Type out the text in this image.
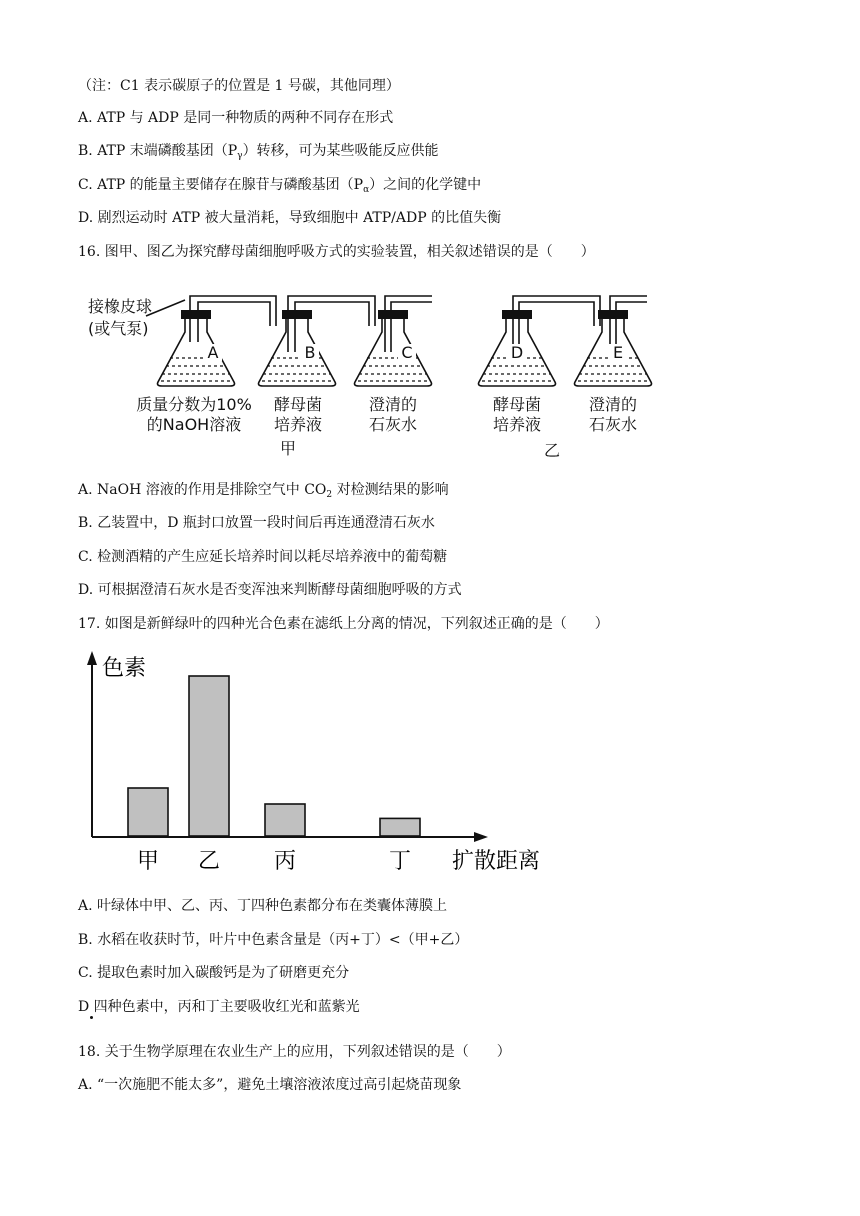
（注：C1 表示碳原子的位置是 1 号碳，其他同理）
A. ATP 与 ADP 是同一种物质的两种不同存在形式
B. ATP 末端磷酸基团$(P_\gamma)$转移，可为某些吸能反应供能
C. ATP 的能量主要储存在腺苷与磷酸基团$(P_\alpha)$之间的化学键中
D. 剧烈运动时 ATP 被大量消耗，导致细胞中 ATP/ADP 的比值失衡
16. 图甲、图乙为探究酵母菌细胞呼吸方式的实验装置，相关叙述错误的是（　　）
A	B	C	D	E
接橡皮球
(或气泵)
质量分数为10%
的NaOH溶液
酵母菌
培养液
澄清的
石灰水
酵母菌
培养液
澄清的
石灰水
甲	乙
A. NaOH 溶液的作用是排除空气中 $CO_2$ 对检测结果的影响
B. 乙装置中，D 瓶封口放置一段时间后再连通澄清石灰水
C. 检测酒精的产生应延长培养时间以耗尽培养液中的葡萄糖
D. 可根据澄清石灰水是否变浑浊来判断酵母菌细胞呼吸的方式
17. 如图是新鲜绿叶的四种光合色素在滤纸上分离的情况，下列叙述正确的是（　　）
甲 乙 丙	丁
色素
扩散距离
A. 叶绿体中甲、乙、丙、丁四种色素都分布在类囊体薄膜上
B. 水稻在收获时节，叶片中色素含量是（丙+丁）<（甲+乙）
C. 提取色素时加入碳酸钙是为了研磨更充分
D 四种色素中，丙和丁主要吸收红光和蓝紫光
18. 关于生物学原理在农业生产上的应用，下列叙述错误的是（　　）
A. “一次施肥不能太多”，避免土壤溶液浓度过高引起烧苗现象
